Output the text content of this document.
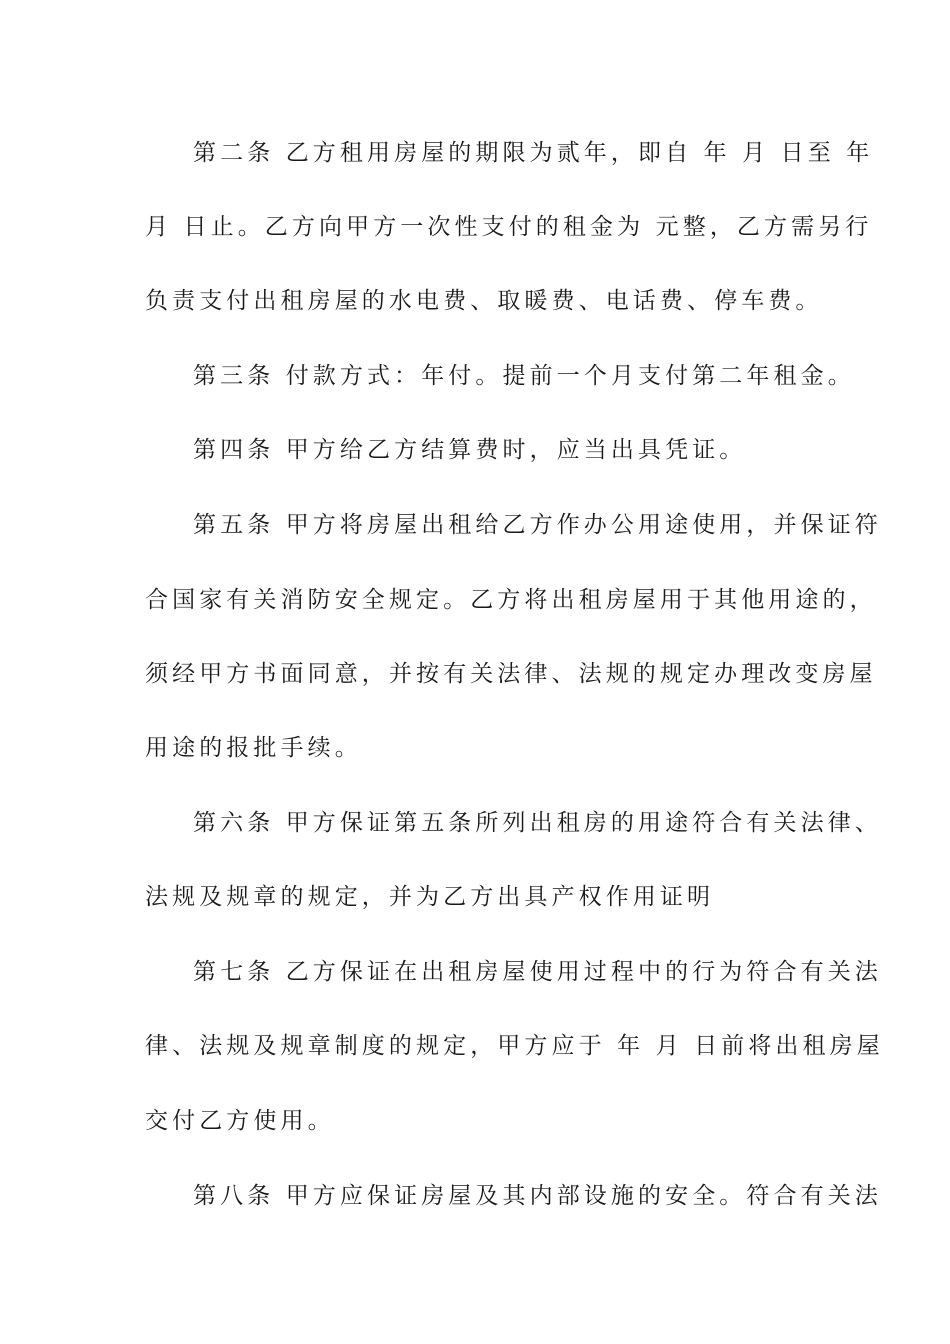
第二条 乙方租用房屋的期限为贰年，即自 年 月 日至 年
月 日止。乙方向甲方一次性支付的租金为 元整，乙方需另行
负责支付出租房屋的水电费、取暖费、电话费、停车费。
第三条 付款方式：年付。提前一个月支付第二年租金。
第四条 甲方给乙方结算费时，应当出具凭证。
第五条 甲方将房屋出租给乙方作办公用途使用，并保证符
合国家有关消防安全规定。乙方将出租房屋用于其他用途的，
须经甲方书面同意，并按有关法律、法规的规定办理改变房屋
用途的报批手续。
第六条 甲方保证第五条所列出租房的用途符合有关法律、
法规及规章的规定，并为乙方出具产权作用证明
第七条 乙方保证在出租房屋使用过程中的行为符合有关法
律、法规及规章制度的规定，甲方应于 年 月 日前将出租房屋
交付乙方使用。
第八条 甲方应保证房屋及其内部设施的安全。符合有关法
